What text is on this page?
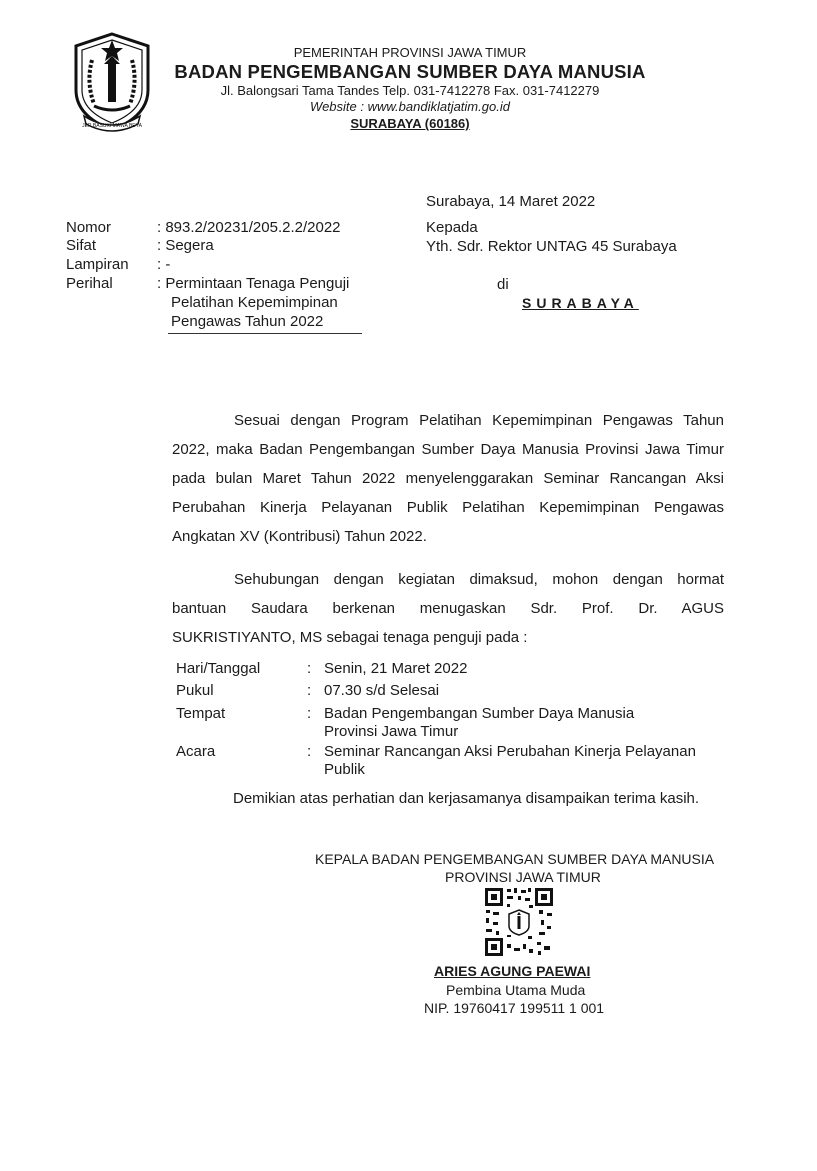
JER BASUKI MAWA BEYA
PEMERINTAH PROVINSI JAWA TIMUR
BADAN PENGEMBANGAN SUMBER DAYA MANUSIA
Jl. Balongsari Tama Tandes Telp. 031-7412278 Fax. 031-7412279
Website : www.bandiklatjatim.go.id
SURABAYA (60186)
Surabaya, 14 Maret 2022
Nomor	: 893.2/20231/205.2.2/2022
Sifat	: Segera
Lampiran : -
Perihal	: Permintaan Tenaga Penguji
Pelatihan Kepemimpinan
Pengawas Tahun 2022
Kepada
Yth. Sdr. Rektor UNTAG 45 Surabaya
di
SURABAYA

Sesuai dengan Program Pelatihan Kepemimpinan Pengawas Tahun 2022, maka Badan Pengembangan Sumber Daya Manusia Provinsi Jawa Timur pada bulan Maret Tahun 2022 menyelenggarakan Seminar Rancangan Aksi Perubahan Kinerja Pelayanan Publik Pelatihan Kepemimpinan Pengawas Angkatan XV (Kontribusi) Tahun 2022.

Sehubungan dengan kegiatan dimaksud, mohon dengan hormat
bantuan Saudara berkenan menugaskan Sdr. Prof. Dr. AGUS
SUKRISTIYANTO, MS sebagai tenaga penguji pada :
Hari/Tanggal	: Senin, 21 Maret 2022
Pukul	: 07.30 s/d Selesai
Tempat	: Badan Pengembangan Sumber Daya Manusia
Provinsi Jawa Timur
Acara	: Seminar Rancangan Aksi Perubahan Kinerja Pelayanan
Publik
Demikian atas perhatian dan kerjasamanya disampaikan terima kasih.
KEPALA BADAN PENGEMBANGAN SUMBER DAYA MANUSIA
PROVINSI JAWA TIMUR
ARIES AGUNG PAEWAI
Pembina Utama Muda
NIP. 19760417 199511 1 001
